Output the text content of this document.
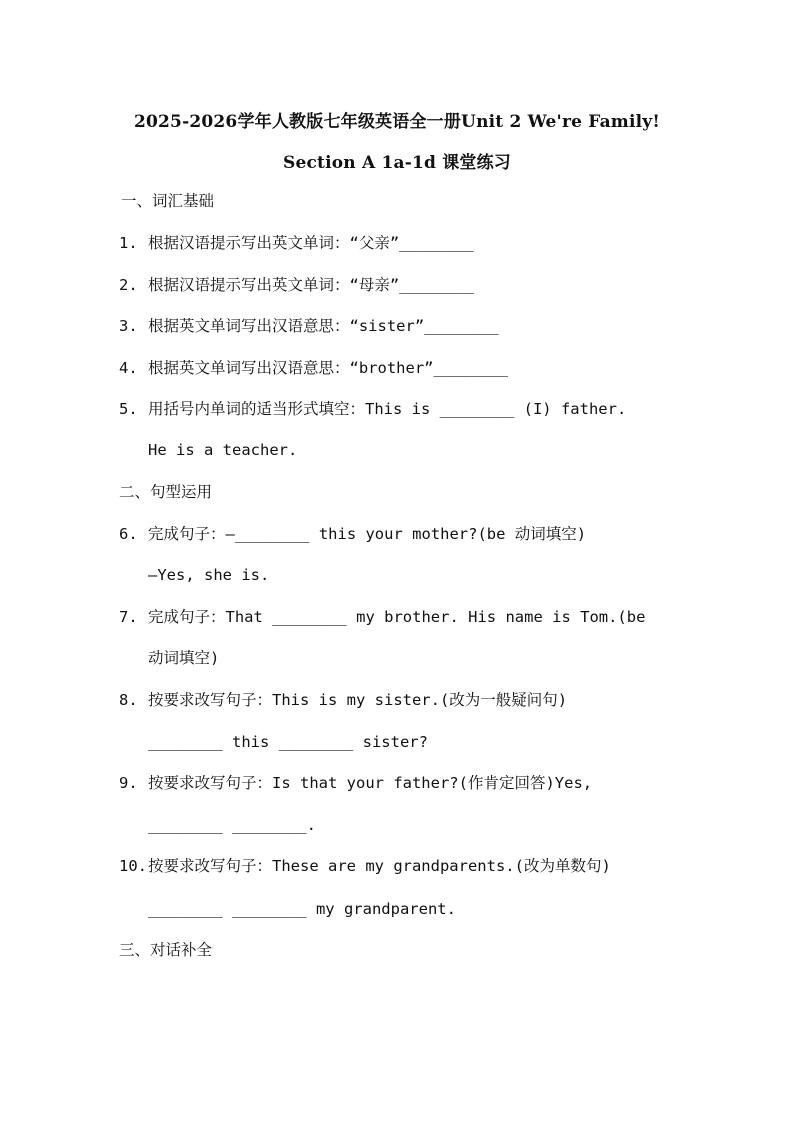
2025-2026学年人教版七年级英语全一册Unit 2 We're Family!
Section A 1a-1d 课堂练习
一、词汇基础
1. 根据汉语提示写出英文单词：“父亲”________
2. 根据汉语提示写出英文单词：“母亲”________
3. 根据英文单词写出汉语意思：“sister”________
4. 根据英文单词写出汉语意思：“brother”________
5. 用括号内单词的适当形式填空：This is ________ (I) father.
He is a teacher.
二、句型运用
6. 完成句子：—________ this your mother?(be 动词填空)
—Yes, she is.
7. 完成句子：That ________ my brother. His name is Tom.(be
动词填空)
8. 按要求改写句子：This is my sister.(改为一般疑问句)
________ this ________ sister?
9. 按要求改写句子：Is that your father?(作肯定回答)Yes,
________ ________.
10.按要求改写句子：These are my grandparents.(改为单数句)
________ ________ my grandparent.
三、对话补全
